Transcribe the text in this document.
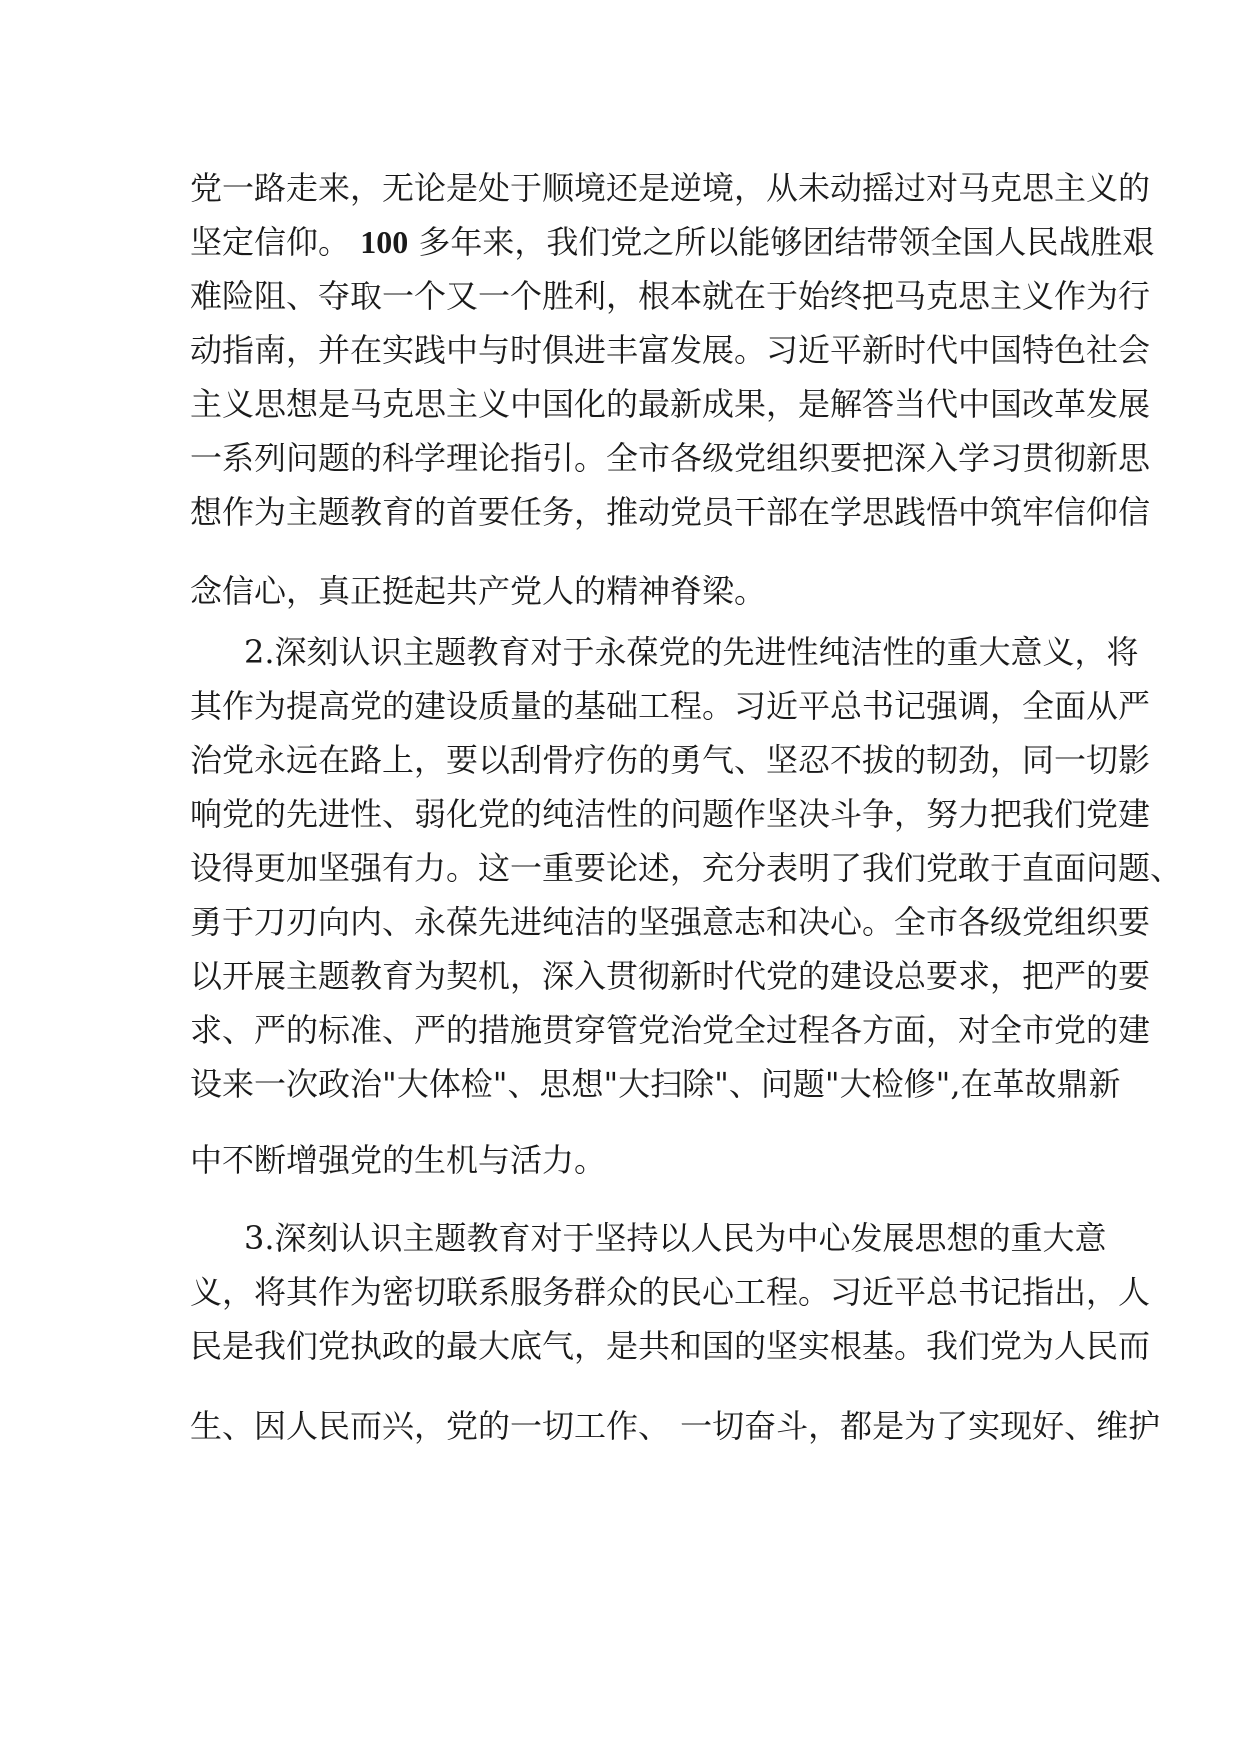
党一路走来，无论是处于顺境还是逆境，从未动摇过对马克思主义的
坚定信仰。 100 多年来，我们党之所以能够团结带领全国人民战胜艰
难险阻、夺取一个又一个胜利，根本就在于始终把马克思主义作为行
动指南，并在实践中与时俱进丰富发展。习近平新时代中国特色社会
主义思想是马克思主义中国化的最新成果，是解答当代中国改革发展
一系列问题的科学理论指引。全市各级党组织要把深入学习贯彻新思
想作为主题教育的首要任务，推动党员干部在学思践悟中筑牢信仰信
念信心，真正挺起共产党人的精神脊梁。
2.深刻认识主题教育对于永葆党的先进性纯洁性的重大意义，将
其作为提高党的建设质量的基础工程。习近平总书记强调，全面从严
治党永远在路上，要以刮骨疗伤的勇气、坚忍不拔的韧劲，同一切影
响党的先进性、弱化党的纯洁性的问题作坚决斗争，努力把我们党建
设得更加坚强有力。这一重要论述，充分表明了我们党敢于直面问题、
勇于刀刃向内、永葆先进纯洁的坚强意志和决心。全市各级党组织要
以开展主题教育为契机，深入贯彻新时代党的建设总要求，把严的要
求、严的标准、严的措施贯穿管党治党全过程各方面，对全市党的建
设来一次政治"大体检"、思想"大扫除"、问题"大检修",在革故鼎新
中不断增强党的生机与活力。
3.深刻认识主题教育对于坚持以人民为中心发展思想的重大意
义，将其作为密切联系服务群众的民心工程。习近平总书记指出，人
民是我们党执政的最大底气，是共和国的坚实根基。我们党为人民而
生、因人民而兴，党的一切工作、 一切奋斗，都是为了实现好、维护
